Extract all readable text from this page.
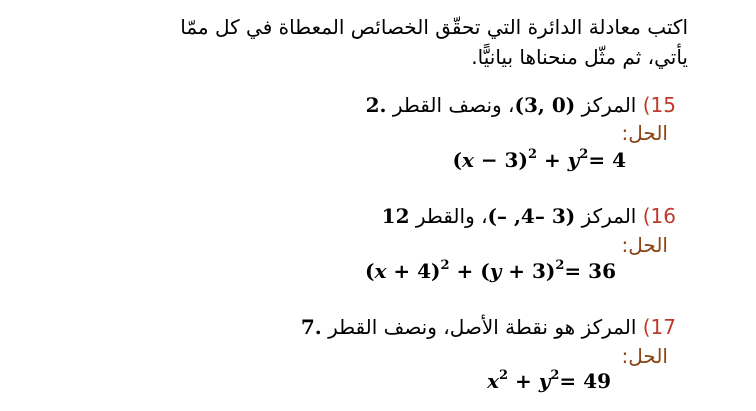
اكتب معادلة الدائرة التي تحقّق الخصائص المعطاة في كل ممّا
يأتي، ثم مثّل منحناها بيانيًّا.
15) المركز (3, 0)، ونصف القطر 2.
الحل:
$(x - 3)^2 + y^2= 4$
16) المركز (– ,4– 3)، والقطر 12
الحل:
$(x + 4)^2 + (y + 3)^2= 36$
17) المركز هو نقطة الأصل، ونصف القطر 7.
الحل:
$x^2 + y^2= 49$
